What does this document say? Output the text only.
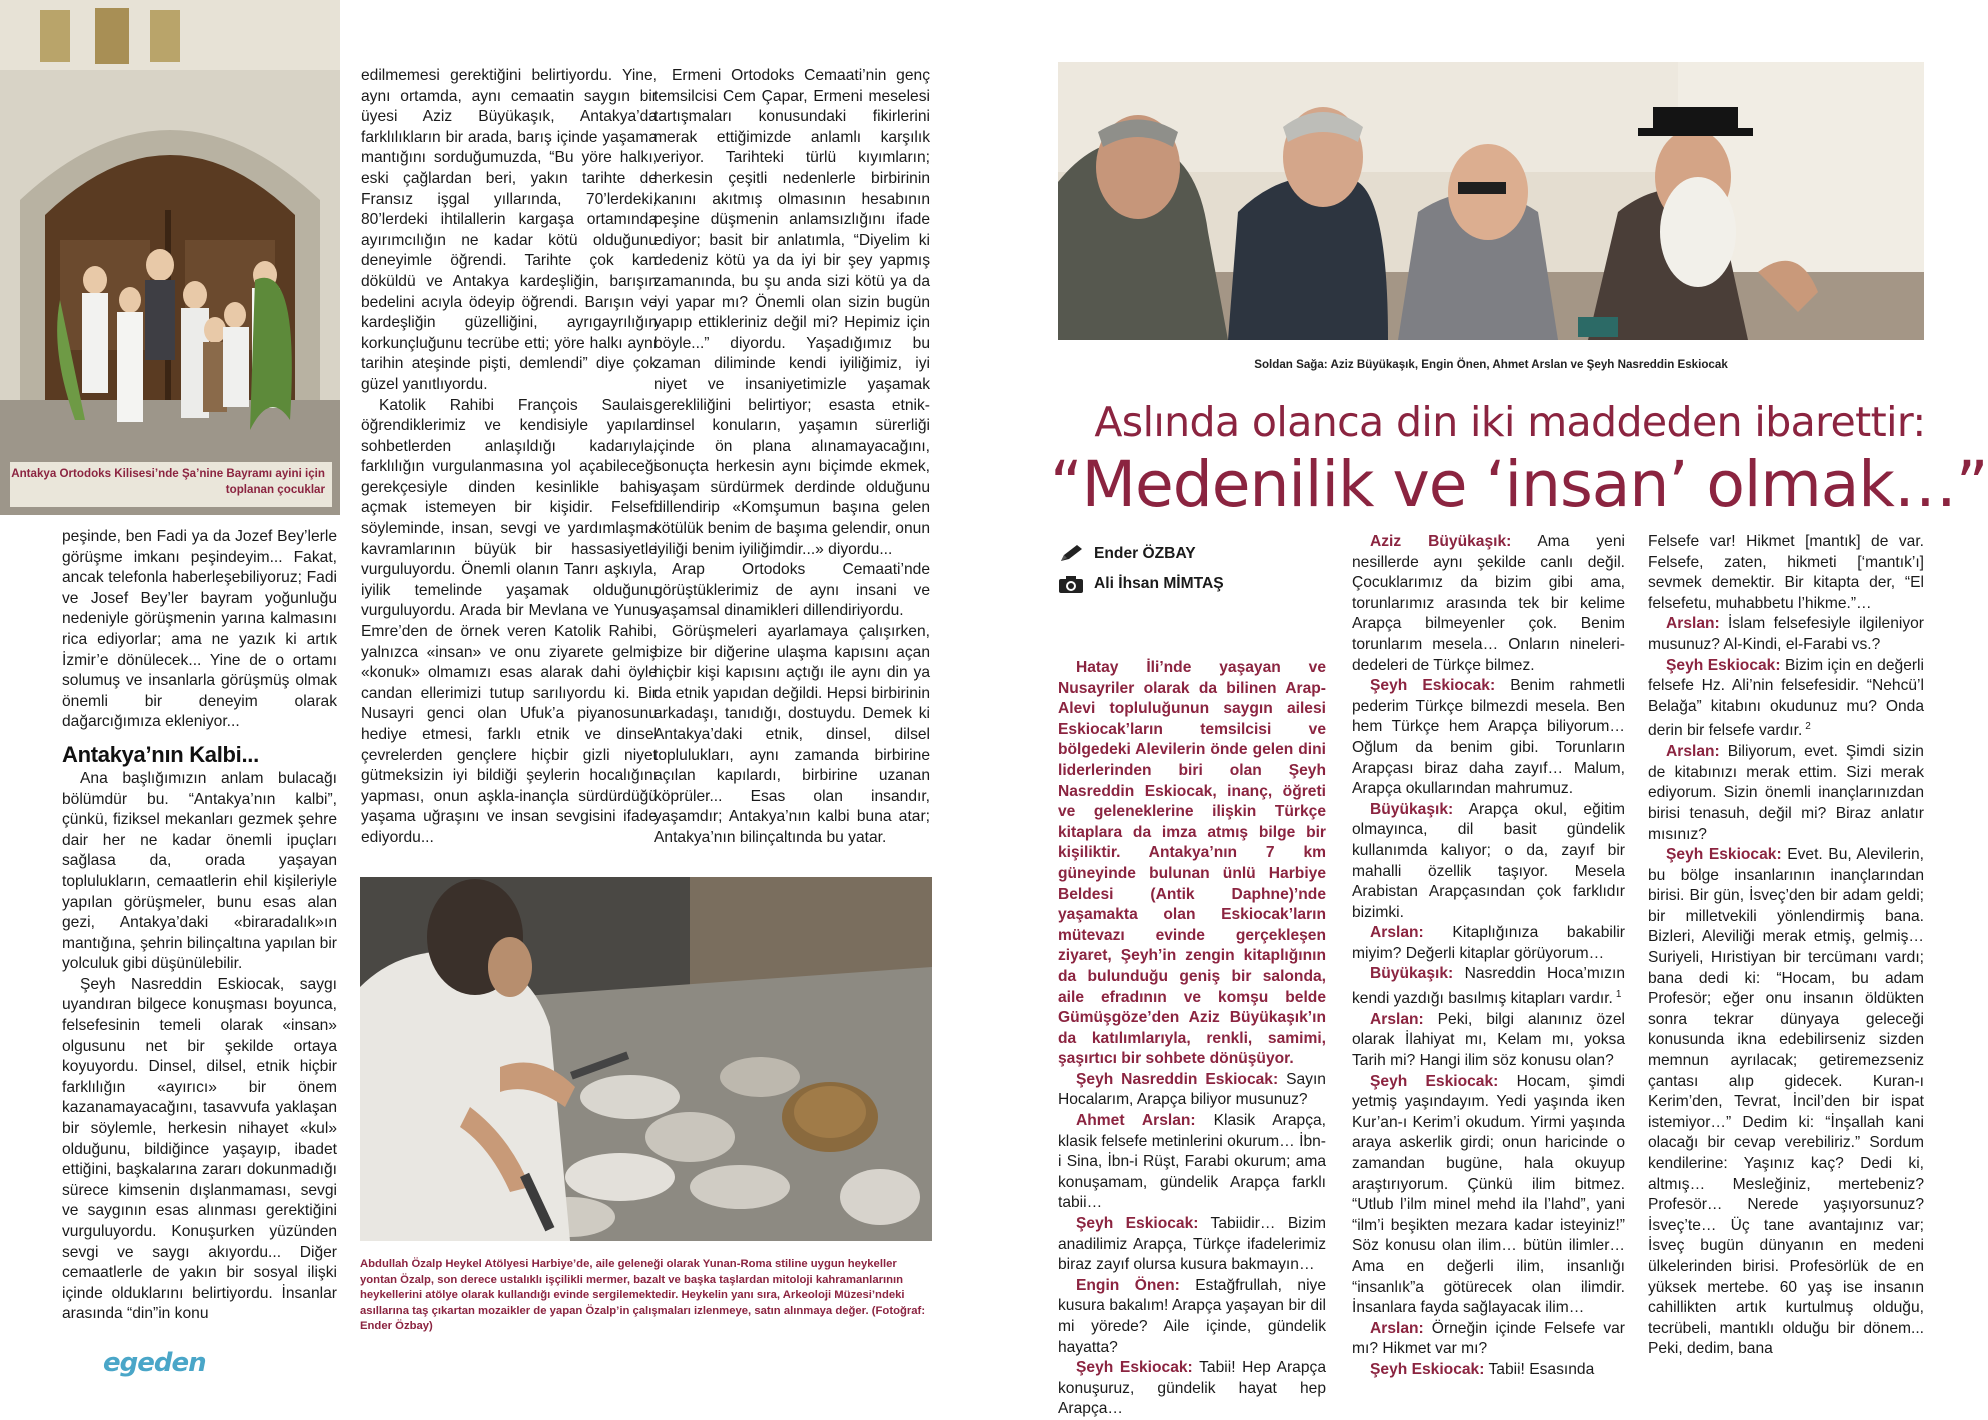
Antakya Ortodoks Kilisesi’nde Şa’nine Bayramı ayini için toplanan çocuklar

peşinde, ben Fadi ya da Jozef Bey’lerle görüşme imkanı peşindeyim... Fakat, ancak telefonla haberleşebiliyoruz; Fadi ve Josef Bey’ler bayram yoğunluğu nedeniyle görüşmenin yarına kalmasını rica ediyorlar; ama ne yazık ki artık İzmir’e dönülecek... Yine de o ortamı solumuş ve insanlarla görüşmüş olmak önemli bir deneyim olarak dağarcığımıza ekleniyor...

Antakya’nın Kalbi...

Ana başlığımızın anlam bulacağı bölümdür bu. “Antakya’nın kalbi”, çünkü, fiziksel mekanları gezmek şehre dair her ne kadar önemli ipuçları sağlasa da, orada yaşayan toplulukların, cemaatlerin ehil kişileriyle yapılan görüşmeler, bunu esas alan gezi, Antakya’daki «biraradalık»ın mantığına, şehrin bilinçaltına yapılan bir yolculuk gibi düşünülebilir.

Şeyh Nasreddin Eskiocak, saygı uyandıran bilgece konuşması boyunca, felsefesinin temeli olarak «insan» olgusunu net bir şekilde ortaya koyuyordu. Dinsel, dilsel, etnik hiçbir farklılığın «ayırıcı» bir önem kazanamayacağını, tasavvufa yaklaşan bir söylemle, herkesin nihayet «kul» olduğunu, bildiğince yaşayıp, ibadet ettiğini, başkalarına zararı dokunmadığı sürece kimsenin dışlanmaması, sevgi ve saygının esas alınması gerektiğini vurguluyordu. Konuşurken yüzünden sevgi ve saygı akıyordu... Diğer cemaatlerle de yakın bir sosyal ilişki içinde olduklarını belirtiyordu. İnsanlar arasında “din”in konu

edilmemesi gerektiğini belirtiyordu. Yine, aynı ortamda, aynı cemaatin saygın bir üyesi Aziz Büyükaşık, Antakya’da farklılıkların bir arada, barış içinde yaşama mantığını sorduğumuzda, “Bu yöre halkı, eski çağlardan beri, yakın tarihte de Fransız işgal yıllarında, 70’lerdeki, 80’lerdeki ihtilallerin kargaşa ortamında ayırımcılığın ne kadar kötü olduğunu deneyimle öğrendi. Tarihte çok kan döküldü ve Antakya kardeşliğin, barışın bedelini acıyla ödeyip öğrendi. Barışın ve kardeşliğin güzelliğini, ayrıgayrılığın korkunçluğunu tecrübe etti; yöre halkı aynı tarihin ateşinde pişti, demlendi” diye çok güzel yanıtlıyordu.

Katolik Rahibi François Saulais, öğrendiklerimiz ve kendisiyle yapılan sohbetlerden anlaşıldığı kadarıyla, farklılığın vurgulanmasına yol açabileceği gerekçesiyle dinden kesinlikle bahis açmak istemeyen bir kişidir. Felsefi söyleminde, insan, sevgi ve yardımlaşma kavramlarının büyük bir hassasiyetle vurguluyordu. Önemli olanın Tanrı aşkıyla, iyilik temelinde yaşamak olduğunu vurguluyordu. Arada bir Mevlana ve Yunus Emre’den de örnek veren Katolik Rahibi, yalnızca «insan» ve onu ziyarete gelmiş «konuk» olmamızı esas alarak dahi öyle candan ellerimizi tutup sarılıyordu ki. Bir Nusayri genci olan Ufuk’a piyanosunu hediye etmesi, farklı etnik ve dinsel çevrelerden gençlere hiçbir gizli niyet gütmeksizin iyi bildiği şeylerin hocalığını yapması, onun aşkla-inançla sürdürdüğü yaşama uğraşını ve insan sevgisini ifade ediyordu...

Ermeni Ortodoks Cemaati’nin genç temsilcisi Cem Çapar, Ermeni meselesi tartışmaları konusundaki fikirlerini merak ettiğimizde anlamlı karşılık veriyor. Tarihteki türlü kıyımların; herkesin çeşitli nedenlerle birbirinin kanını akıtmış olmasının hesabının peşine düşmenin anlamsızlığını ifade ediyor; basit bir anlatımla, “Diyelim ki dedeniz kötü ya da iyi bir şey yapmış zamanında, bu şu anda sizi kötü ya da iyi yapar mı? Önemli olan sizin bugün yapıp ettikleriniz değil mi? Hepimiz için böyle...” diyordu. Yaşadığımız bu zaman diliminde kendi iyiliğimiz, iyi niyet ve insaniyetimizle yaşamak gerekliliğini belirtiyor; esasta etnik-dinsel konuların, yaşamın sürerliği içinde ön plana alınamayacağını, sonuçta herkesin aynı biçimde ekmek, yaşam sürdürmek derdinde olduğunu dillendirip «Komşumun başına gelen kötülük benim de başıma gelendir, onun iyiliği benim iyiliğimdir...» diyordu...

Arap Ortodoks Cemaati’nde görüştüklerimiz de aynı insani ve yaşamsal dinamikleri dillendiriyordu.

Görüşmeleri ayarlamaya çalışırken, bize bir diğerine ulaşma kapısını açan hiçbir kişi kapısını açtığı ile aynı din ya da etnik yapıdan değildi. Hepsi birbirinin arkadaşı, tanıdığı, dostuydu. Demek ki Antakya’daki etnik, dinsel, dilsel toplulukları, aynı zamanda birbirine açılan kapılardı, birbirine uzanan köprüler... Esas olan insandır, yaşamdır; Antakya’nın kalbi buna atar; Antakya’nın bilinçaltında bu yatar.

Abdullah Özalp Heykel Atölyesi Harbiye’de, aile geleneği olarak Yunan-Roma stiline uygun heykeller yontan Özalp, son derece ustalıklı işçilikli mermer, bazalt ve başka taşlardan mitoloji kahramanlarının heykellerini atölye olarak kullandığı evinde sergilemektedir. Heykelin yanı sıra, Arkeoloji Müzesi’ndeki asıllarına taş çıkartan mozaikler de yapan Özalp’in çalışmaları izlenmeye, satın alınmaya değer. (Fotoğraf: Ender Özbay)
egeden
Soldan Sağa: Aziz Büyükaşık, Engin Önen, Ahmet Arslan ve Şeyh Nasreddin Eskiocak
Aslında olanca din iki maddeden ibarettir:
“Medenilik ve ‘insan’ olmak…”
Ender ÖZBAY
Ali İhsan MİMTAŞ

Hatay İli’nde yaşayan ve Nusayriler olarak da bilinen Arap-Alevi topluluğunun saygın ailesi Eskiocak’ların temsilcisi ve bölgedeki Alevilerin önde gelen dini liderlerinden biri olan Şeyh Nasreddin Eskiocak, inanç, öğreti ve geleneklerine ilişkin Türkçe kitaplara da imza atmış bilge bir kişiliktir. Antakya’nın 7 km güneyinde bulunan ünlü Harbiye Beldesi (Antik Daphne)’nde yaşamakta olan Eskiocak’ların mütevazı evinde gerçekleşen ziyaret, Şeyh’in zengin kitaplığının da bulunduğu geniş bir salonda, aile efradının ve komşu belde Gümüşgöze’den Aziz Büyükaşık’ın da katılımlarıyla, renkli, samimi, şaşırtıcı bir sohbete dönüşüyor.

Şeyh Nasreddin Eskiocak: Sayın Hocalarım, Arapça biliyor musunuz?

Ahmet Arslan: Klasik Arapça, klasik felsefe metinlerini okurum… İbn-i Sina, İbn-i Rüşt, Farabi okurum; ama konuşamam, gündelik Arapça farklı tabii…

Şeyh Eskiocak: Tabiidir… Bizim anadilimiz Arapça, Türkçe ifadelerimiz biraz zayıf olursa kusura bakmayın…

Engin Önen: Estağfrullah, niye kusura bakalım! Arapça yaşayan bir dil mi yörede? Aile içinde, gündelik hayatta?

Şeyh Eskiocak: Tabii! Hep Arapça konuşuruz, gündelik hayat hep Arapça…

Aziz Büyükaşık: Ama yeni nesillerde aynı şekilde canlı değil. Çocuklarımız da bizim gibi ama, torunlarımız arasında tek bir kelime Arapça bilmeyenler çok. Benim torunlarım mesela… Onların nineleri-dedeleri de Türkçe bilmez.

Şeyh Eskiocak: Benim rahmetli pederim Türkçe bilmezdi mesela. Ben hem Türkçe hem Arapça biliyorum… Oğlum da benim gibi. Torunların Arapçası biraz daha zayıf… Malum, Arapça okullarından mahrumuz.

Büyükaşık: Arapça okul, eğitim olmayınca, dil basit gündelik kullanımda kalıyor; o da, zayıf bir mahalli özellik taşıyor. Mesela Arabistan Arapçasından çok farklıdır bizimki.

Arslan: Kitaplığınıza bakabilir miyim? Değerli kitaplar görüyorum…

Büyükaşık: Nasreddin Hoca’mızın kendi yazdığı basılmış kitapları vardır. $^1$

Arslan: Peki, bilgi alanınız özel olarak İlahiyat mı, Kelam mı, yoksa Tarih mi? Hangi ilim söz konusu olan?

Şeyh Eskiocak: Hocam, şimdi yetmiş yaşındayım. Yedi yaşında iken Kur’an-ı Kerim’i okudum. Yirmi yaşında araya askerlik girdi; onun haricinde o zamandan bugüne, hala okuyup araştırıyorum. Çünkü ilim bitmez. “Utlub l’ilm minel mehd ila l’lahd”, yani “ilm’i beşikten mezara kadar isteyiniz!” Söz konusu olan ilim… bütün ilimler… Ama en değerli ilim, insanlığı “insanlık”a götürecek olan ilimdir. İnsanlara fayda sağlayacak ilim…

Arslan: Örneğin içinde Felsefe var mı? Hikmet var mı?

Şeyh Eskiocak: Tabii! Esasında

Felsefe var! Hikmet [mantık] de var. Felsefe, zaten, hikmeti [‘mantık’ı] sevmek demektir. Bir kitapta der, “El felsefetu, muhabbetu l’hikme.”…

Arslan: İslam felsefesiyle ilgileniyor musunuz? Al-Kindi, el-Farabi vs.?

Şeyh Eskiocak: Bizim için en değerli felsefe Hz. Ali’nin felsefesidir. “Nehcü’l Belağa” kitabını okudunuz mu? Onda derin bir felsefe vardır. $^2$

Arslan: Biliyorum, evet. Şimdi sizin de kitabınızı merak ettim. Sizi merak ediyorum. Sizin önemli inançlarınızdan birisi tenasuh, değil mi? Biraz anlatır mısınız?

Şeyh Eskiocak: Evet. Bu, Alevilerin, bu bölge insanlarının inançlarından birisi. Bir gün, İsveç’den bir adam geldi; bir milletvekili yönlendirmiş bana. Bizleri, Aleviliği merak etmiş, gelmiş… Suriyeli, Hıristiyan bir tercümanı vardı; bana dedi ki: “Hocam, bu adam Profesör; eğer onu insanın öldükten sonra tekrar dünyaya geleceği konusunda ikna edebilirseniz sizden memnun ayrılacak; getiremezseniz çantası alıp gidecek. Kuran-ı Kerim’den, Tevrat, İncil’den bir ispat istemiyor…” Dedim ki: “İnşallah kani olacağı bir cevap verebiliriz.” Sordum kendilerine: Yaşınız kaç? Dedi ki, altmış… Mesleğiniz, mertebeniz? Profesör… Nerede yaşıyorsunuz? İsveç’te… Üç tane avantajınız var; İsveç bugün dünyanın en medeni ülkelerinden birisi. Profesörlük de en yüksek mertebe. 60 yaş ise insanın cahillikten artık kurtulmuş olduğu, tecrübeli, mantıklı olduğu bir dönem... Peki, dedim, bana
